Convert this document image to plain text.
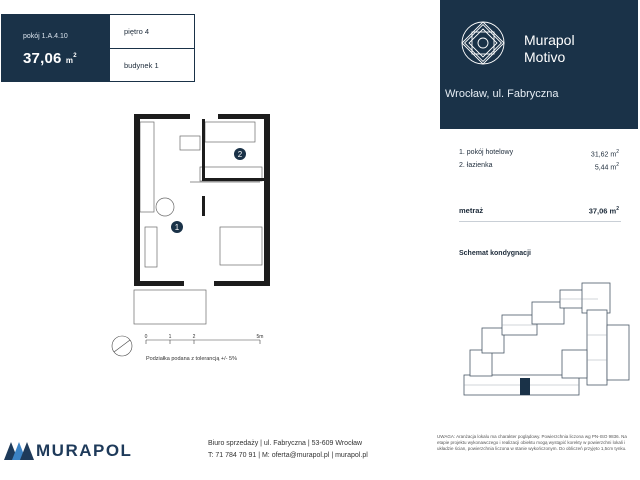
pokój 1.A.4.10
37,06 $m^2$
piętro 4
budynek 1
Murapol
Motivo
Wrocław, ul. Fabryczna
1. pokój hotelowy	31,62 $m^2$
2. łazienka	5,44 $m^2$
metraż	37,06 $m^2$
Schemat kondygnacji
1
2
0	1	2	5m
Podziałka podana z tolerancją +/- 5%
MURAPOL	Biuro sprzedaży | ul. Fabryczna | 53-609 Wrocław
T: 71 784 70 91 | M: oferta@murapol.pl | murapol.pl
UWAGA: Aranżacja lokalu ma charakter poglądowy. Powierzchnia liczona wg PN-ISO 9836. Na etapie projektu wykonawczego i realizacji obiektu mogą wystąpić korekty w powierzchni lokali i układzie ścian, powierzchnia liczona w stanie wykończonym. Do obliczeń przyjęto 1,5cm tynku.
